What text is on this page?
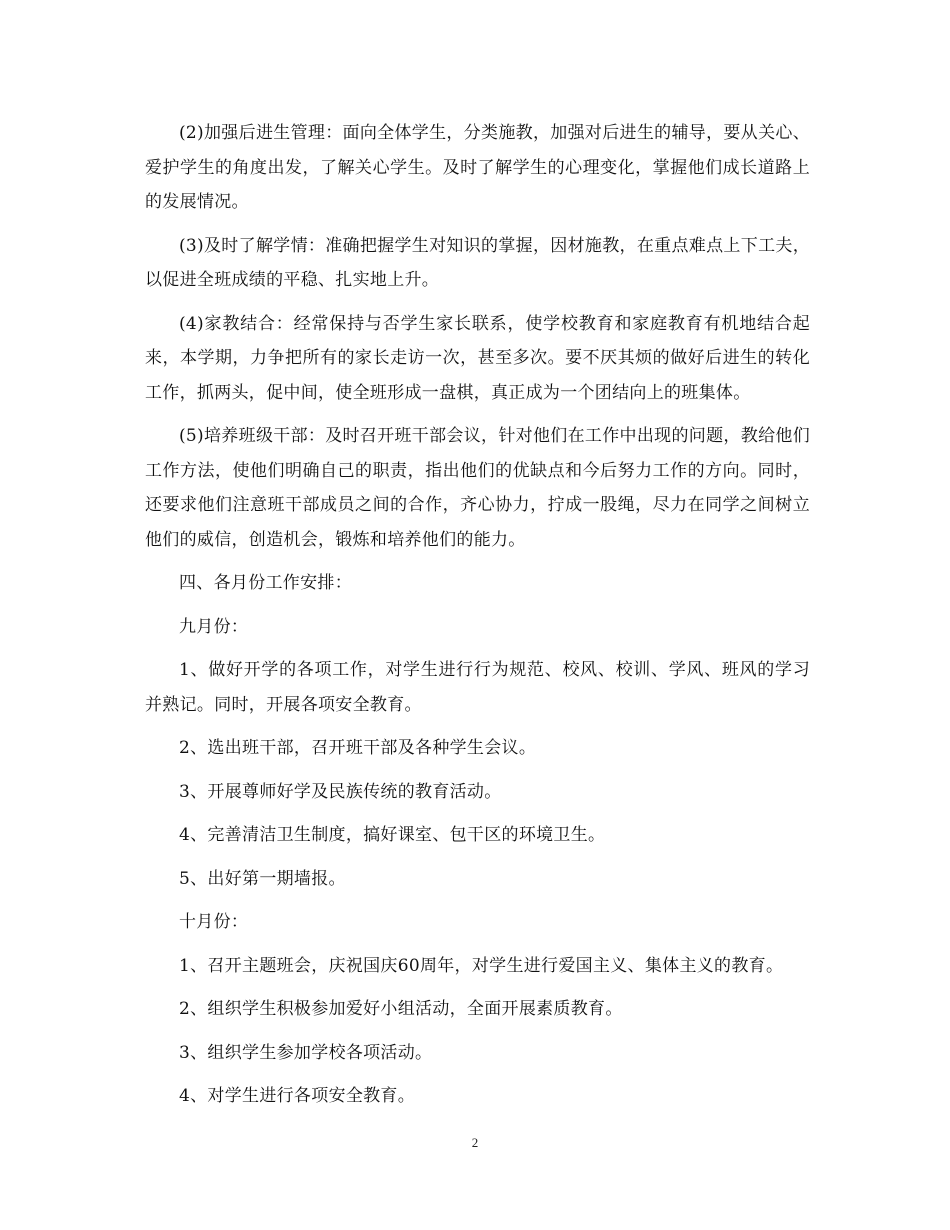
(2)加强后进生管理：面向全体学生，分类施教，加强对后进生的辅导，要从关心、爱护学生的角度出发，了解关心学生。及时了解学生的心理变化，掌握他们成长道路上的发展情况。

(3)及时了解学情：准确把握学生对知识的掌握，因材施教，在重点难点上下工夫，以促进全班成绩的平稳、扎实地上升。

(4)家教结合：经常保持与否学生家长联系，使学校教育和家庭教育有机地结合起来，本学期，力争把所有的家长走访一次，甚至多次。要不厌其烦的做好后进生的转化工作，抓两头，促中间，使全班形成一盘棋，真正成为一个团结向上的班集体。

(5)培养班级干部：及时召开班干部会议，针对他们在工作中出现的问题，教给他们工作方法，使他们明确自己的职责，指出他们的优缺点和今后努力工作的方向。同时，还要求他们注意班干部成员之间的合作，齐心协力，拧成一股绳，尽力在同学之间树立他们的威信，创造机会，锻炼和培养他们的能力。

四、各月份工作安排：

九月份：

1、做好开学的各项工作，对学生进行行为规范、校风、校训、学风、班风的学习并熟记。同时，开展各项安全教育。

2、选出班干部，召开班干部及各种学生会议。

3、开展尊师好学及民族传统的教育活动。

4、完善清洁卫生制度，搞好课室、包干区的环境卫生。

5、出好第一期墙报。

十月份：

1、召开主题班会，庆祝国庆60周年，对学生进行爱国主义、集体主义的教育。

2、组织学生积极参加爱好小组活动，全面开展素质教育。

3、组织学生参加学校各项活动。

4、对学生进行各项安全教育。

2
